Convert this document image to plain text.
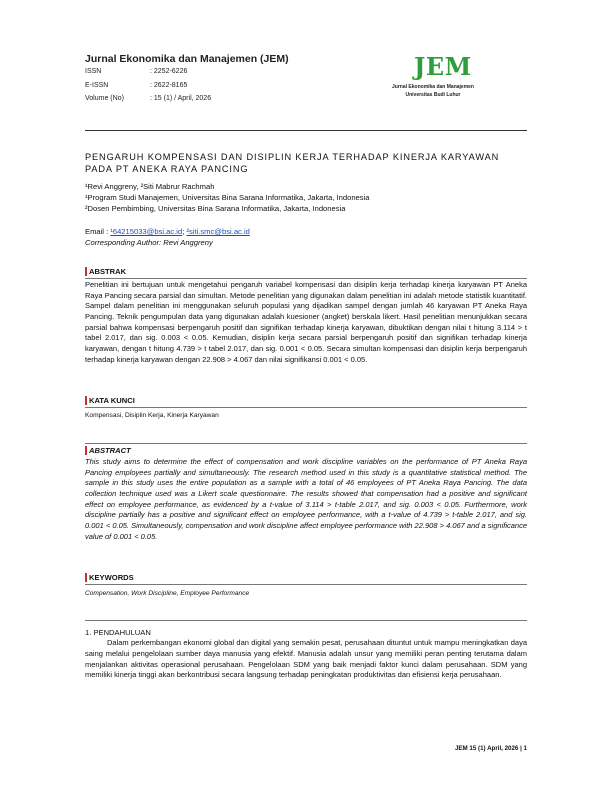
Jurnal Ekonomika dan Manajemen (JEM)
ISSN	: 2252-6226
E-ISSN	: 2622-8165
Volume (No)	: 15 (1) / April, 2026
JEM
Jurnal Ekonomika dan Manajemen
Universitas Budi Luhur
PENGARUH KOMPENSASI DAN DISIPLIN KERJA TERHADAP KINERJA KARYAWAN PADA PT ANEKA RAYA PANCING
¹Revi Anggreny, ²Siti Mabrur Rachmah
¹Program Studi Manajemen, Universitas Bina Sarana Informatika, Jakarta, Indonesia
²Dosen Pembimbing, Universitas Bina Sarana Informatika, Jakarta, Indonesia
Email : ¹64215033@bsi.ac.id; ²siti.smc@bsi.ac.id
Corresponding Author: Revi Anggreny
ABSTRAK
Penelitian ini bertujuan untuk mengetahui pengaruh variabel kompensasi dan disiplin kerja terhadap kinerja karyawan PT Aneka Raya Pancing secara parsial dan simultan. Metode penelitian yang digunakan dalam penelitian ini adalah metode statistik kuantitatif. Sampel dalam penelitian ini menggunakan seluruh populasi yang dijadikan sampel dengan jumlah 46 karyawan PT Aneka Raya Pancing. Teknik pengumpulan data yang digunakan adalah kuesioner (angket) berskala likert. Hasil penelitian menunjukkan secara parsial bahwa kompensasi berpengaruh positif dan signifikan terhadap kinerja karyawan, dibuktikan dengan nilai t hitung 3.114 > t tabel 2.017, dan sig. 0.003 < 0.05. Kemudian, disiplin kerja secara parsial berpengaruh positif dan signifikan terhadap kinerja karyawan, dengan t hitung 4.739 > t tabel 2.017, dan sig. 0.001 < 0.05. Secara simultan kompensasi dan disiplin kerja berpengaruh terhadap kinerja karyawan dengan 22.908 > 4.067 dan nilai signifikansi 0.001 < 0.05.
KATA KUNCI
Kompensasi, Disiplin Kerja, Kinerja Karyawan
ABSTRACT
This study aims to determine the effect of compensation and work discipline variables on the performance of PT Aneka Raya Pancing employees partially and simultaneously. The research method used in this study is a quantitative statistical method. The sample in this study uses the entire population as a sample with a total of 46 employees of PT Aneka Raya Pancing. The data collection technique used was a Likert scale questionnaire. The results showed that compensation had a positive and significant effect on employee performance, as evidenced by a t-value of 3.114 > t-table 2.017, and sig. 0.003 < 0.05. Furthermore, work discipline partially has a positive and significant effect on employee performance, with a t-value of 4.739 > t-table 2.017, and sig. 0.001 < 0.05. Simultaneously, compensation and work discipline affect employee performance with 22.908 > 4.067 and a significance value of 0.001 < 0.05.
KEYWORDS
Compensation, Work Discipline, Employee Performance
1. PENDAHULUAN
Dalam perkembangan ekonomi global dan digital yang semakin pesat, perusahaan dituntut untuk mampu meningkatkan daya saing melalui pengelolaan sumber daya manusia yang efektif. Manusia adalah unsur yang memiliki peran penting terutama dalam menjalankan aktivitas operasional perusahaan. Pengelolaan SDM yang baik menjadi faktor kunci dalam perusahaan. SDM yang memiliki kinerja tinggi akan berkontribusi secara langsung terhadap peningkatan produktivitas dan efisiensi kerja perusahaan.
JEM 15 (1) April, 2026 | 1
